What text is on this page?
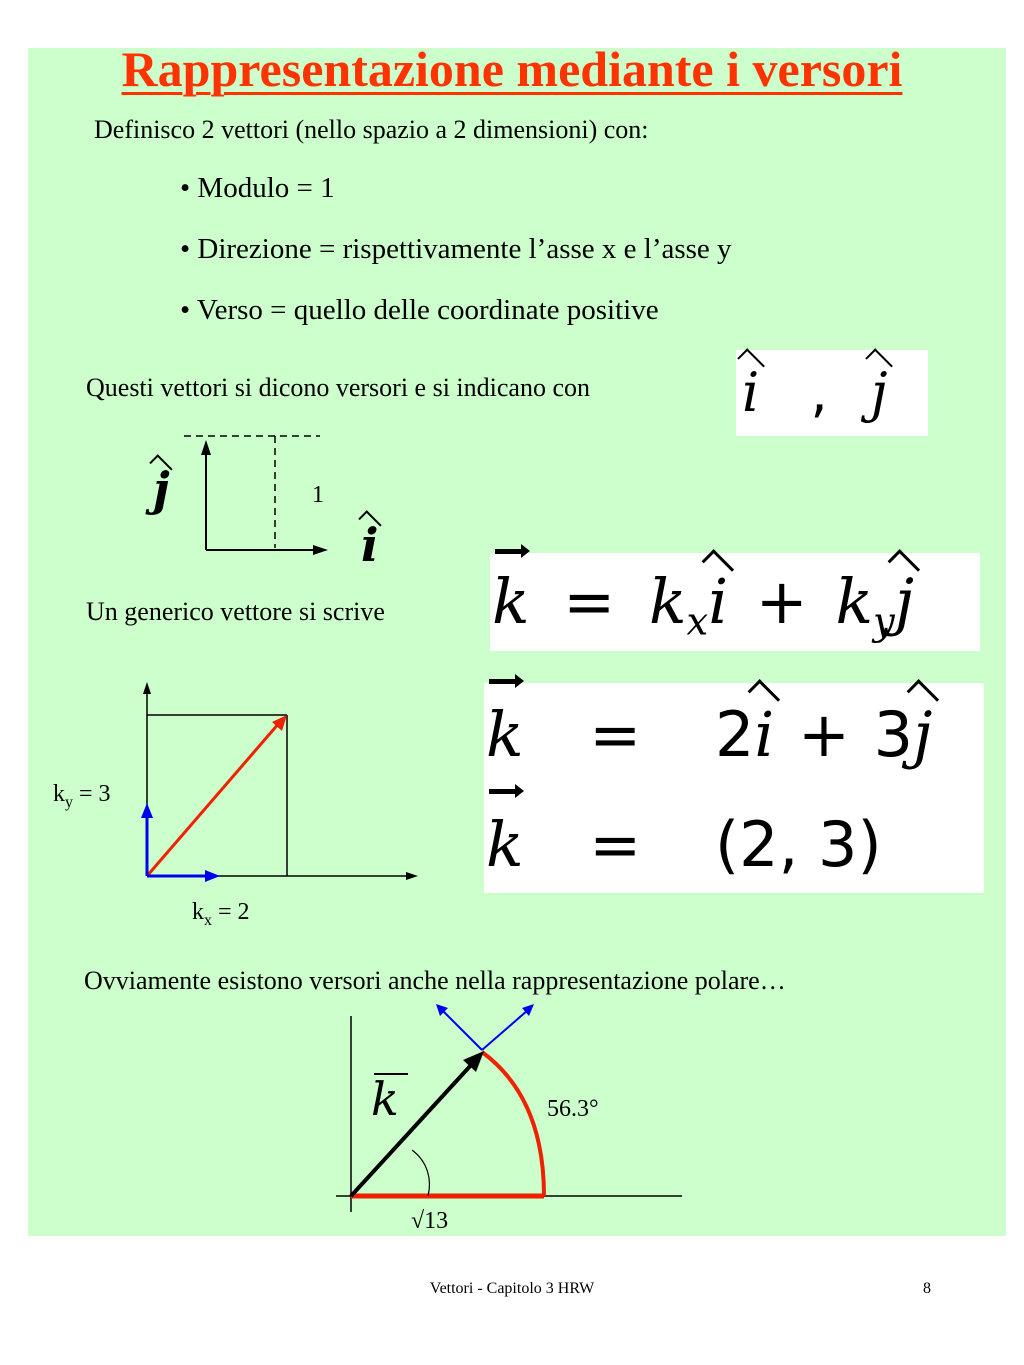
Rappresentazione mediante i versori
Definisco 2 vettori (nello spazio a 2 dimensioni) con:
• Modulo = 1
• Direzione = rispettivamente l’asse x e l’asse y
• Verso = quello delle coordinate positive
Questi vettori si dicono versori e si indicano con	i , j
j
i
1
Un generico vettore si scrive $k = k_xi + k_yj$
k = 2i + 3j
k = (2, 3)
$k_y = 3$
$k_x = 2$
Ovviamente esistono versori anche nella rappresentazione polare…
k	56.3°
√13
Vettori - Capitolo 3 HRW	8
